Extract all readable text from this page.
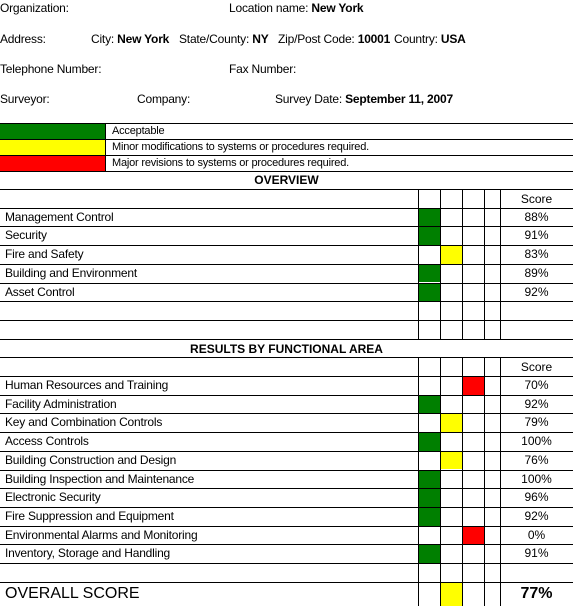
Organization:	Location name: New York
Address:	City: New York State/County: NY Zip/Post Code: 10001 Country: USA
Telephone Number:	Fax Number:
Surveyor:	Company:	Survey Date: September 11, 2007
Acceptable
Minor modifications to systems or procedures required.
Major revisions to systems or procedures required.
OVERVIEW
Score
Management Control	88%
Security	91%
Fire and Safety	83%
Building and Environment	89%
Asset Control	92%
RESULTS BY FUNCTIONAL AREA
Score
Human Resources and Training	70%
Facility Administration	92%
Key and Combination Controls	79%
Access Controls	100%
Building Construction and Design	76%
Building Inspection and Maintenance	100%
Electronic Security	96%
Fire Suppression and Equipment	92%
Environmental Alarms and Monitoring	0%
Inventory, Storage and Handling	91%
OVERALL SCORE	77%
